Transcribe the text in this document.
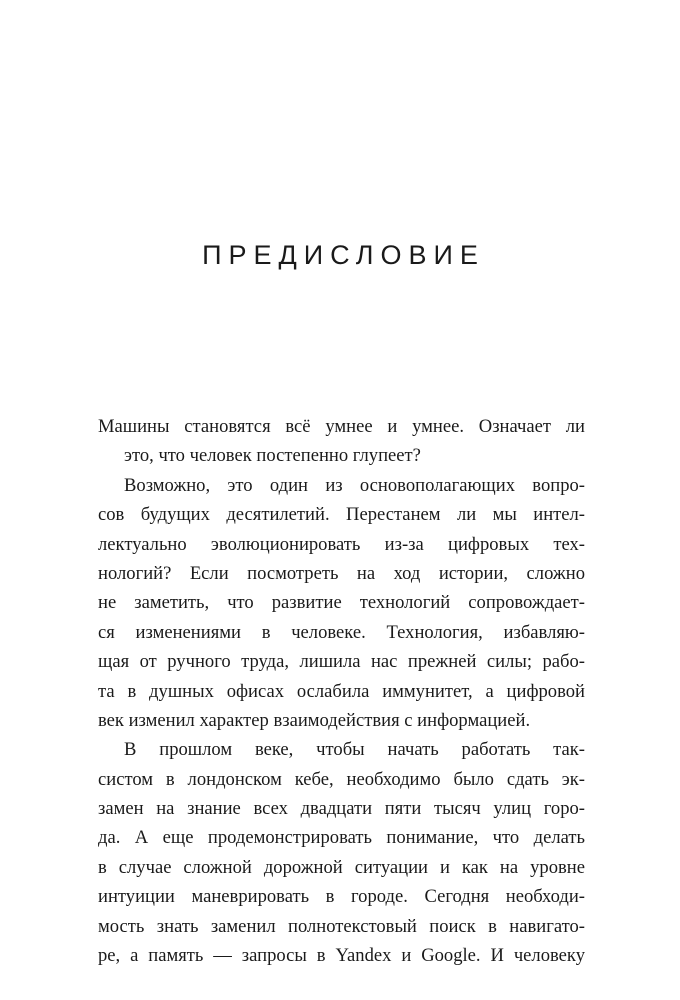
ПРЕДИСЛОВИЕ
Машины становятся всё умнее и умнее. Означает ли
это, что человек постепенно глупеет?
Возможно, это один из основополагающих вопро-
сов будущих десятилетий. Перестанем ли мы интел-
лектуально эволюционировать из-за цифровых тех-
нологий? Если посмотреть на ход истории, сложно
не заметить, что развитие технологий сопровождает-
ся изменениями в человеке. Технология, избавляю-
щая от ручного труда, лишила нас прежней силы; рабо-
та в душных офисах ослабила иммунитет, а цифровой
век изменил характер взаимодействия с информацией.
В прошлом веке, чтобы начать работать так-
систом в лондонском кебе, необходимо было сдать эк-
замен на знание всех двадцати пяти тысяч улиц горо-
да. А еще продемонстрировать понимание, что делать
в случае сложной дорожной ситуации и как на уровне
интуиции маневрировать в городе. Сегодня необходи-
мость знать заменил полнотекстовый поиск в навигато-
ре, а память — запросы в Yandex и Google. И человеку
